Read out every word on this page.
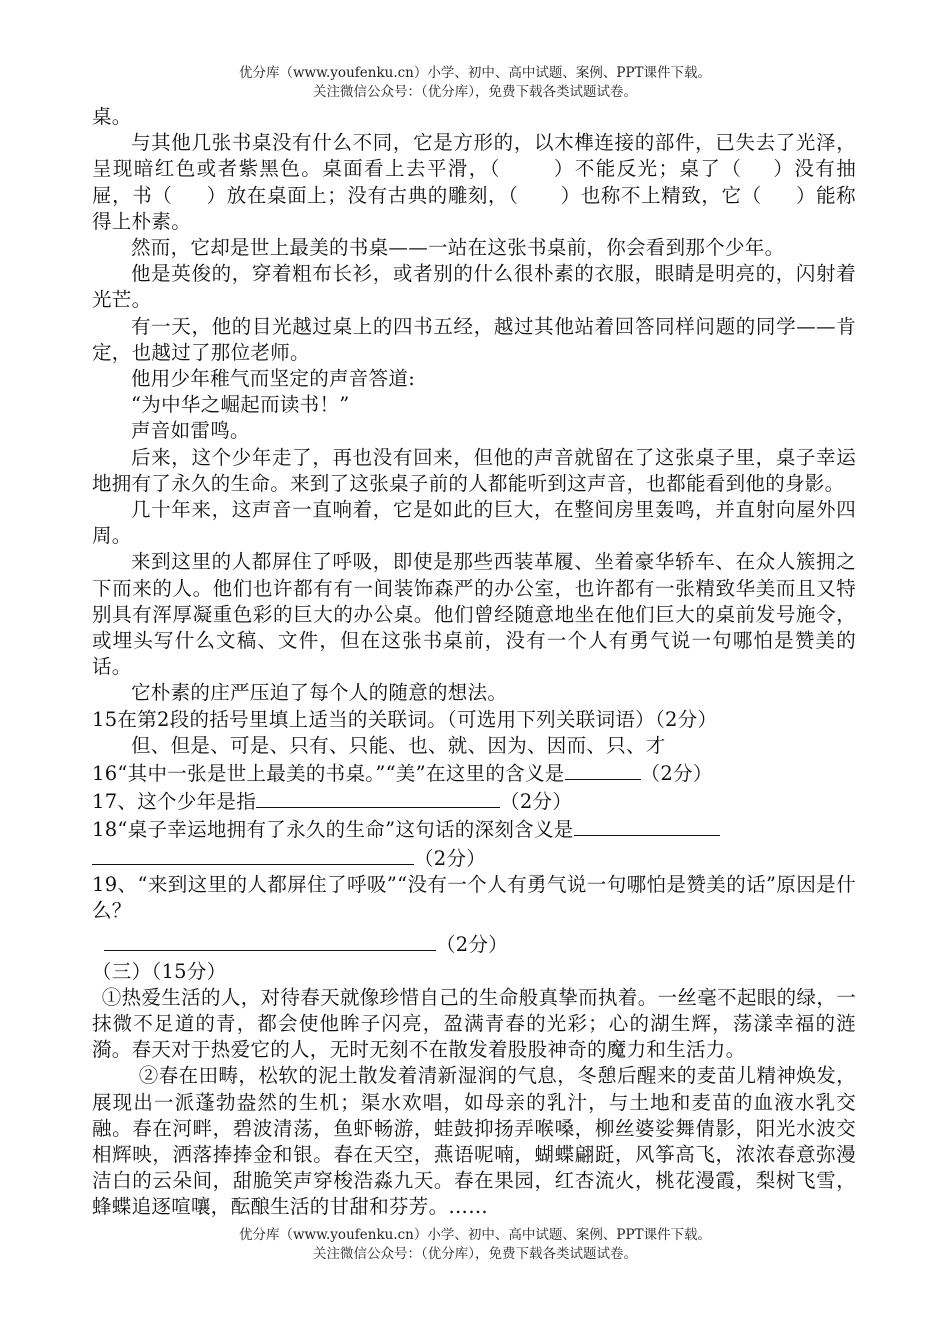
优分库（www.youfenku.cn）小学、初中、高中试题、案例、PPT课件下载。
关注微信公众号：（优分库），免费下载各类试题试卷。

桌。

与其他几张书桌没有什么不同，它是方形的，以木榫连接的部件，已失去了光泽，呈现暗红色或者紫黑色。桌面看上去平滑，（	）不能反光；桌了（ ）没有抽屉，书（ ）放在桌面上；没有古典的雕刻，（ ）也称不上精致，它（ ）能称得上朴素。

然而，它却是世上最美的书桌——一站在这张书桌前，你会看到那个少年。

他是英俊的，穿着粗布长衫，或者别的什么很朴素的衣服，眼睛是明亮的，闪射着光芒。

有一天，他的目光越过桌上的四书五经，越过其他站着回答同样问题的同学——肯定，也越过了那位老师。

他用少年稚气而坚定的声音答道:

“为中华之崛起而读书！”

声音如雷鸣。

后来，这个少年走了，再也没有回来，但他的声音就留在了这张桌子里，桌子幸运地拥有了永久的生命。来到了这张桌子前的人都能听到这声音，也都能看到他的身影。

几十年来，这声音一直响着，它是如此的巨大，在整间房里轰鸣，并直射向屋外四周。

来到这里的人都屏住了呼吸，即使是那些西装革履、坐着豪华轿车、在众人簇拥之下而来的人。他们也许都有有一间装饰森严的办公室，也许都有一张精致华美而且又特别具有浑厚凝重色彩的巨大的办公桌。他们曾经随意地坐在他们巨大的桌前发号施令，或埋头写什么文稿、文件，但在这张书桌前，没有一个人有勇气说一句哪怕是赞美的话。

它朴素的庄严压迫了每个人的随意的想法。

15在第2段的括号里填上适当的关联词。（可选用下列关联词语）（2分）

但、但是、可是、只有、只能、也、就、因为、因而、只、才

16“其中一张是世上最美的书桌。”“美”在这里的含义是	（2分）

17、这个少年是指	（2分）

18“桌子幸运地拥有了永久的生命”这句话的深刻含义是

（2分）

19、“来到这里的人都屏住了呼吸”“没有一个人有勇气说一句哪怕是赞美的话”原因是什么？

（2分）

（三）（15分）

①热爱生活的人，对待春天就像珍惜自己的生命般真挚而执着。一丝毫不起眼的绿，一抹微不足道的青，都会使他眸子闪亮，盈满青春的光彩；心的湖生辉，荡漾幸福的涟漪。春天对于热爱它的人，无时无刻不在散发着股股神奇的魔力和生活力。

②春在田畴，松软的泥土散发着清新湿润的气息，冬憩后醒来的麦苗儿精神焕发，展现出一派蓬勃盎然的生机；渠水欢唱，如母亲的乳汁，与土地和麦苗的血液水乳交融。春在河畔，碧波清荡，鱼虾畅游，蛙鼓抑扬弄喉嗓，柳丝婆娑舞倩影，阳光水波交相辉映，洒落捧捧金和银。春在天空，燕语呢喃，蝴蝶翩跹，风筝高飞，浓浓春意弥漫洁白的云朵间，甜脆笑声穿梭浩淼九天。春在果园，红杏流火，桃花漫霞，梨树飞雪，蜂蝶追逐喧嚷，酝酿生活的甘甜和芬芳。……

优分库（www.youfenku.cn）小学、初中、高中试题、案例、PPT课件下载。
关注微信公众号：（优分库），免费下载各类试题试卷。
